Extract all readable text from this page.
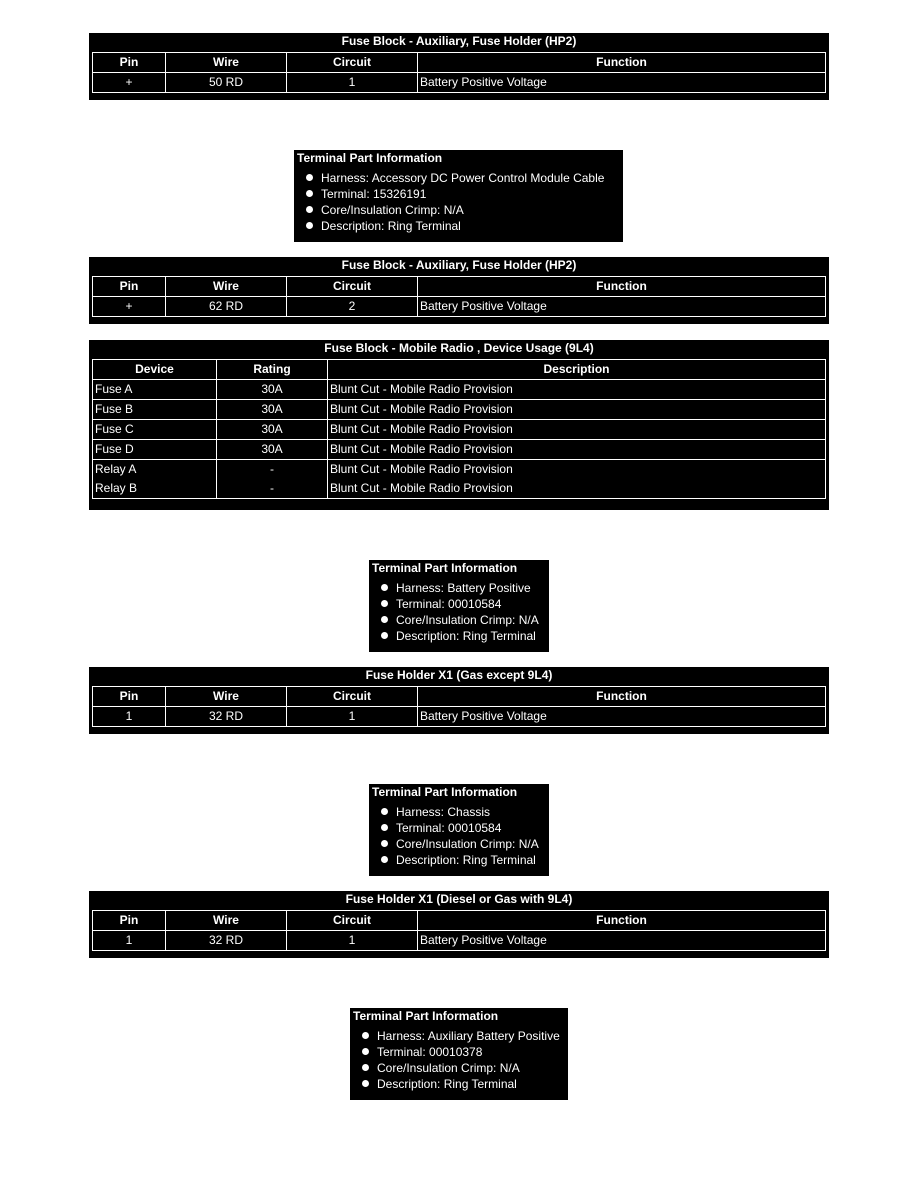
Fuse Block - Auxiliary, Fuse Holder (HP2)
Pin	Wire	Circuit	Function
+	50 RD	1	Battery Positive Voltage
Terminal Part Information
Harness: Accessory DC Power Control Module Cable
Terminal: 15326191
Core/Insulation Crimp: N/A
Description: Ring Terminal
Fuse Block - Auxiliary, Fuse Holder (HP2)
Pin	Wire	Circuit	Function
+	62 RD	2	Battery Positive Voltage
Fuse Block - Mobile Radio , Device Usage (9L4)
Device	Rating	Description
Fuse A	30A	Blunt Cut - Mobile Radio Provision
Fuse B	30A	Blunt Cut - Mobile Radio Provision
Fuse C	30A	Blunt Cut - Mobile Radio Provision
Fuse D	30A	Blunt Cut - Mobile Radio Provision
Relay A	-	Blunt Cut - Mobile Radio Provision
Relay B	-	Blunt Cut - Mobile Radio Provision
Terminal Part Information
Harness: Battery Positive
Terminal: 00010584
Core/Insulation Crimp: N/A
Description: Ring Terminal
Fuse Holder X1 (Gas except 9L4)
Pin	Wire	Circuit	Function
1	32 RD	1	Battery Positive Voltage
Terminal Part Information
Harness: Chassis
Terminal: 00010584
Core/Insulation Crimp: N/A
Description: Ring Terminal
Fuse Holder X1 (Diesel or Gas with 9L4)
Pin	Wire	Circuit	Function
1	32 RD	1	Battery Positive Voltage
Terminal Part Information
Harness: Auxiliary Battery Positive
Terminal: 00010378
Core/Insulation Crimp: N/A
Description: Ring Terminal
